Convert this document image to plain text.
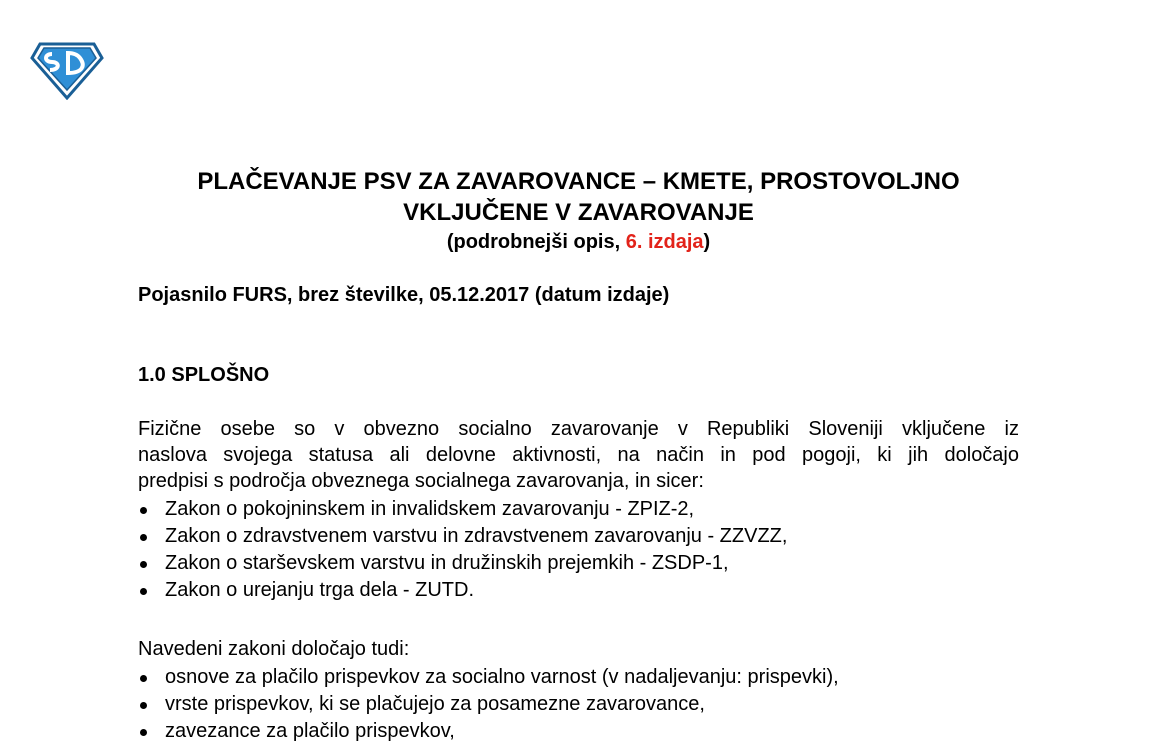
PLAČEVANJE PSV ZA ZAVAROVANCE – KMETE, PROSTOVOLJNO
VKLJUČENE V ZAVAROVANJE
(podrobnejši opis, 6. izdaja)
Pojasnilo FURS, brez številke, 05.12.2017 (datum izdaje)
1.0 SPLOŠNO
Fizične osebe so v obvezno socialno zavarovanje v Republiki Sloveniji vključene iz
naslova svojega statusa ali delovne aktivnosti, na način in pod pogoji, ki jih določajo
predpisi s področja obveznega socialnega zavarovanja, in sicer:
Zakon o pokojninskem in invalidskem zavarovanju - ZPIZ-2,
Zakon o zdravstvenem varstvu in zdravstvenem zavarovanju - ZZVZZ,
Zakon o starševskem varstvu in družinskih prejemkih - ZSDP-1,
Zakon o urejanju trga dela - ZUTD.
Navedeni zakoni določajo tudi:
osnove za plačilo prispevkov za socialno varnost (v nadaljevanju: prispevki),
vrste prispevkov, ki se plačujejo za posamezne zavarovance,
zavezance za plačilo prispevkov,
